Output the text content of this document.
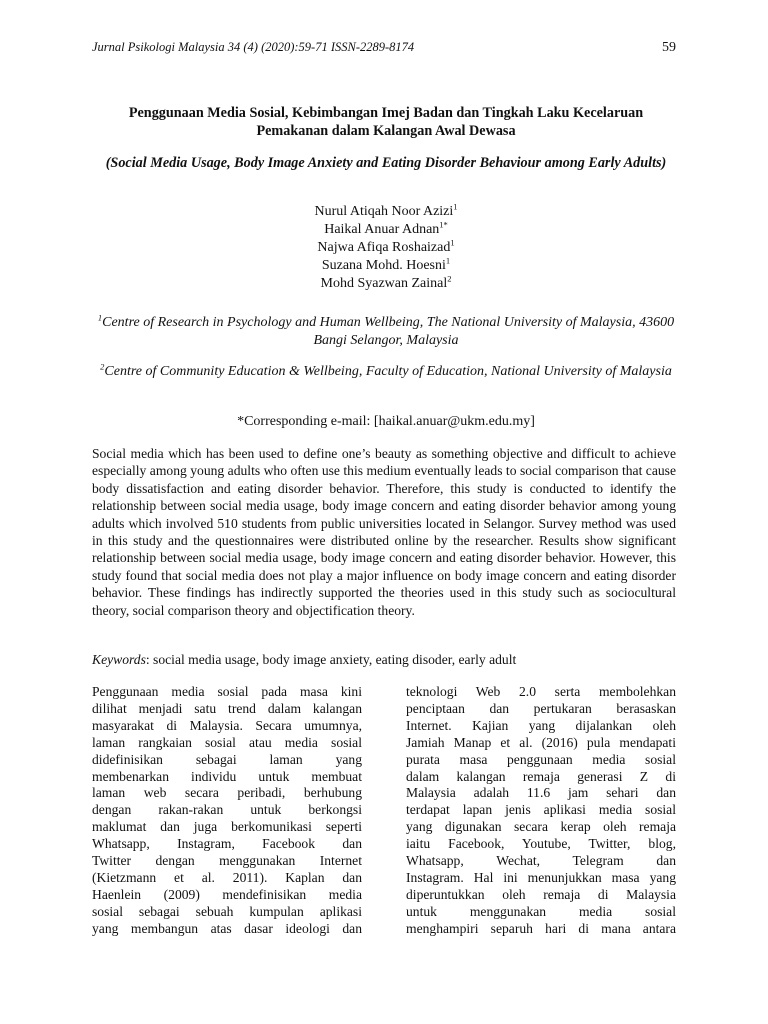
Jurnal Psikologi Malaysia 34 (4) (2020):59-71 ISSN-2289-8174	59
Penggunaan Media Sosial, Kebimbangan Imej Badan dan Tingkah Laku Kecelaruan Pemakanan dalam Kalangan Awal Dewasa
(Social Media Usage, Body Image Anxiety and Eating Disorder Behaviour among Early Adults)
Nurul Atiqah Noor Azizi$^1$
Haikal Anuar Adnan$^{1*}$
Najwa Afiqa Roshaizad$^1$
Suzana Mohd. Hoesni$^1$
Mohd Syazwan Zainal$^2$
$^1$Centre of Research in Psychology and Human Wellbeing, The National University of Malaysia, 43600 Bangi Selangor, Malaysia
$^2$Centre of Community Education & Wellbeing, Faculty of Education, National University of Malaysia
*Corresponding e-mail: [haikal.anuar@ukm.edu.my]

Social media which has been used to define one’s beauty as something objective and difficult to achieve especially among young adults who often use this medium eventually leads to social comparison that cause body dissatisfaction and eating disorder behavior. Therefore, this study is conducted to identify the relationship between social media usage, body image concern and eating disorder behavior among young adults which involved 510 students from public universities located in Selangor. Survey method was used in this study and the questionnaires were distributed online by the researcher. Results show significant relationship between social media usage, body image concern and eating disorder behavior. However, this study found that social media does not play a major influence on body image concern and eating disorder behavior. These findings has indirectly supported the theories used in this study such as sociocultural theory, social comparison theory and objectification theory.

Keywords: social media usage, body image anxiety, eating disoder, early adult
Penggunaan media sosial pada masa kini
dilihat menjadi satu trend dalam kalangan
masyarakat di Malaysia. Secara umumnya,
laman rangkaian sosial atau media sosial
didefinisikan sebagai laman yang
membenarkan individu untuk membuat
laman web secara peribadi, berhubung
dengan rakan-rakan untuk berkongsi
maklumat dan juga berkomunikasi seperti
Whatsapp, Instagram, Facebook dan
Twitter dengan menggunakan Internet
(Kietzmann et al. 2011). Kaplan dan
Haenlein (2009) mendefinisikan media
sosial sebagai sebuah kumpulan aplikasi
yang membangun atas dasar ideologi dan
teknologi Web 2.0 serta membolehkan
penciptaan dan pertukaran berasaskan
Internet. Kajian yang dijalankan oleh
Jamiah Manap et al. (2016) pula mendapati
purata masa penggunaan media sosial
dalam kalangan remaja generasi Z di
Malaysia adalah 11.6 jam sehari dan
terdapat lapan jenis aplikasi media sosial
yang digunakan secara kerap oleh remaja
iaitu Facebook, Youtube, Twitter, blog,
Whatsapp, Wechat, Telegram dan
Instagram. Hal ini menunjukkan masa yang
diperuntukkan oleh remaja di Malaysia
untuk menggunakan media sosial
menghampiri separuh hari di mana antara
